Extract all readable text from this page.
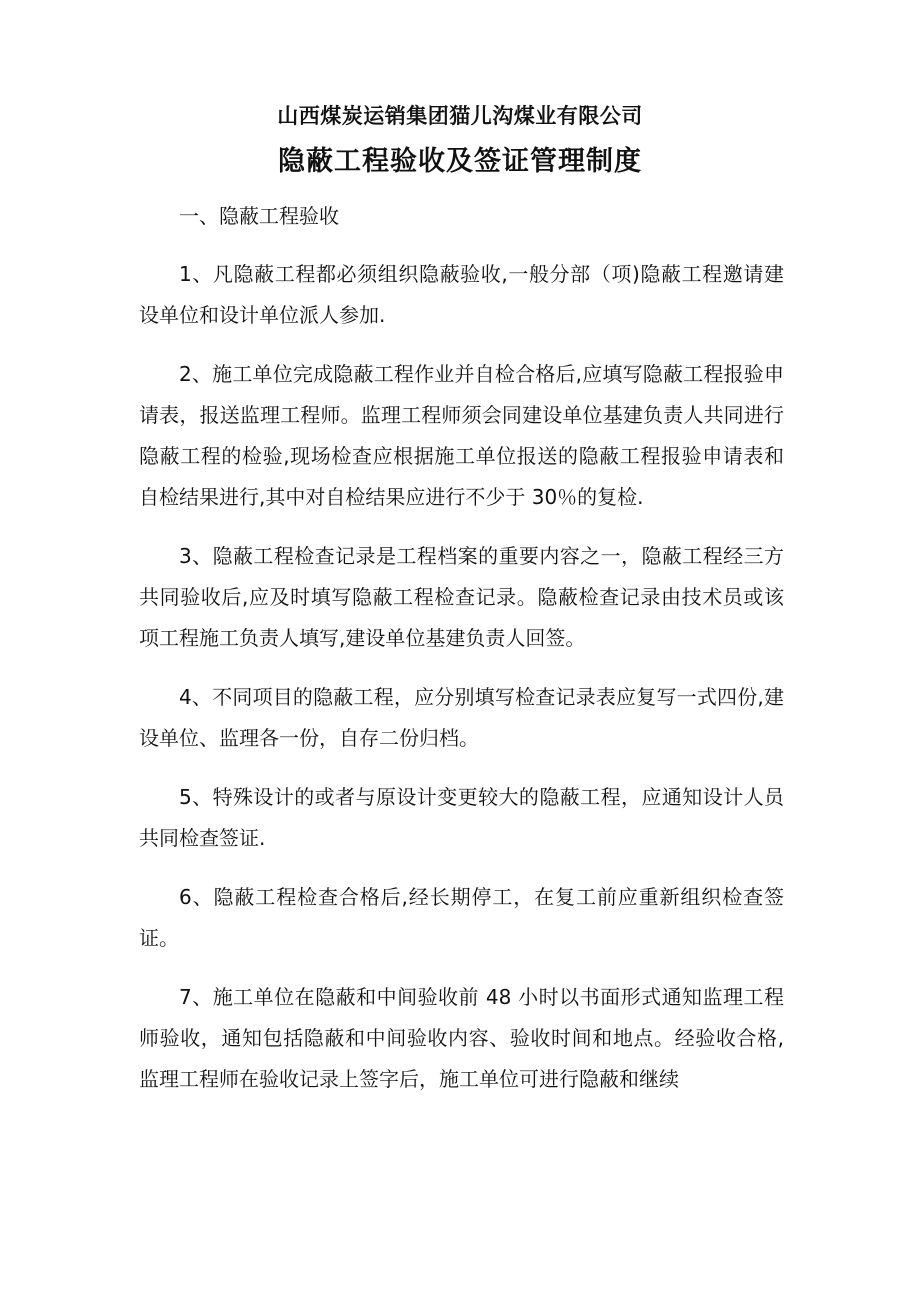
山西煤炭运销集团猫儿沟煤业有限公司
隐蔽工程验收及签证管理制度

一、隐蔽工程验收

1、凡隐蔽工程都必须组织隐蔽验收,一般分部（项)隐蔽工程邀请建设单位和设计单位派人参加.

2、施工单位完成隐蔽工程作业并自检合格后,应填写隐蔽工程报验申请表，报送监理工程师。监理工程师须会同建设单位基建负责人共同进行隐蔽工程的检验,现场检查应根据施工单位报送的隐蔽工程报验申请表和自检结果进行,其中对自检结果应进行不少于 30％的复检.

3、隐蔽工程检查记录是工程档案的重要内容之一，隐蔽工程经三方共同验收后,应及时填写隐蔽工程检查记录。隐蔽检查记录由技术员或该项工程施工负责人填写,建设单位基建负责人回签。

4、不同项目的隐蔽工程，应分别填写检查记录表应复写一式四份,建设单位、监理各一份，自存二份归档。

5、特殊设计的或者与原设计变更较大的隐蔽工程，应通知设计人员共同检查签证.

6、隐蔽工程检查合格后,经长期停工，在复工前应重新组织检查签证。

7、施工单位在隐蔽和中间验收前 48 小时以书面形式通知监理工程师验收，通知包括隐蔽和中间验收内容、验收时间和地点。经验收合格,监理工程师在验收记录上签字后，施工单位可进行隐蔽和继续
